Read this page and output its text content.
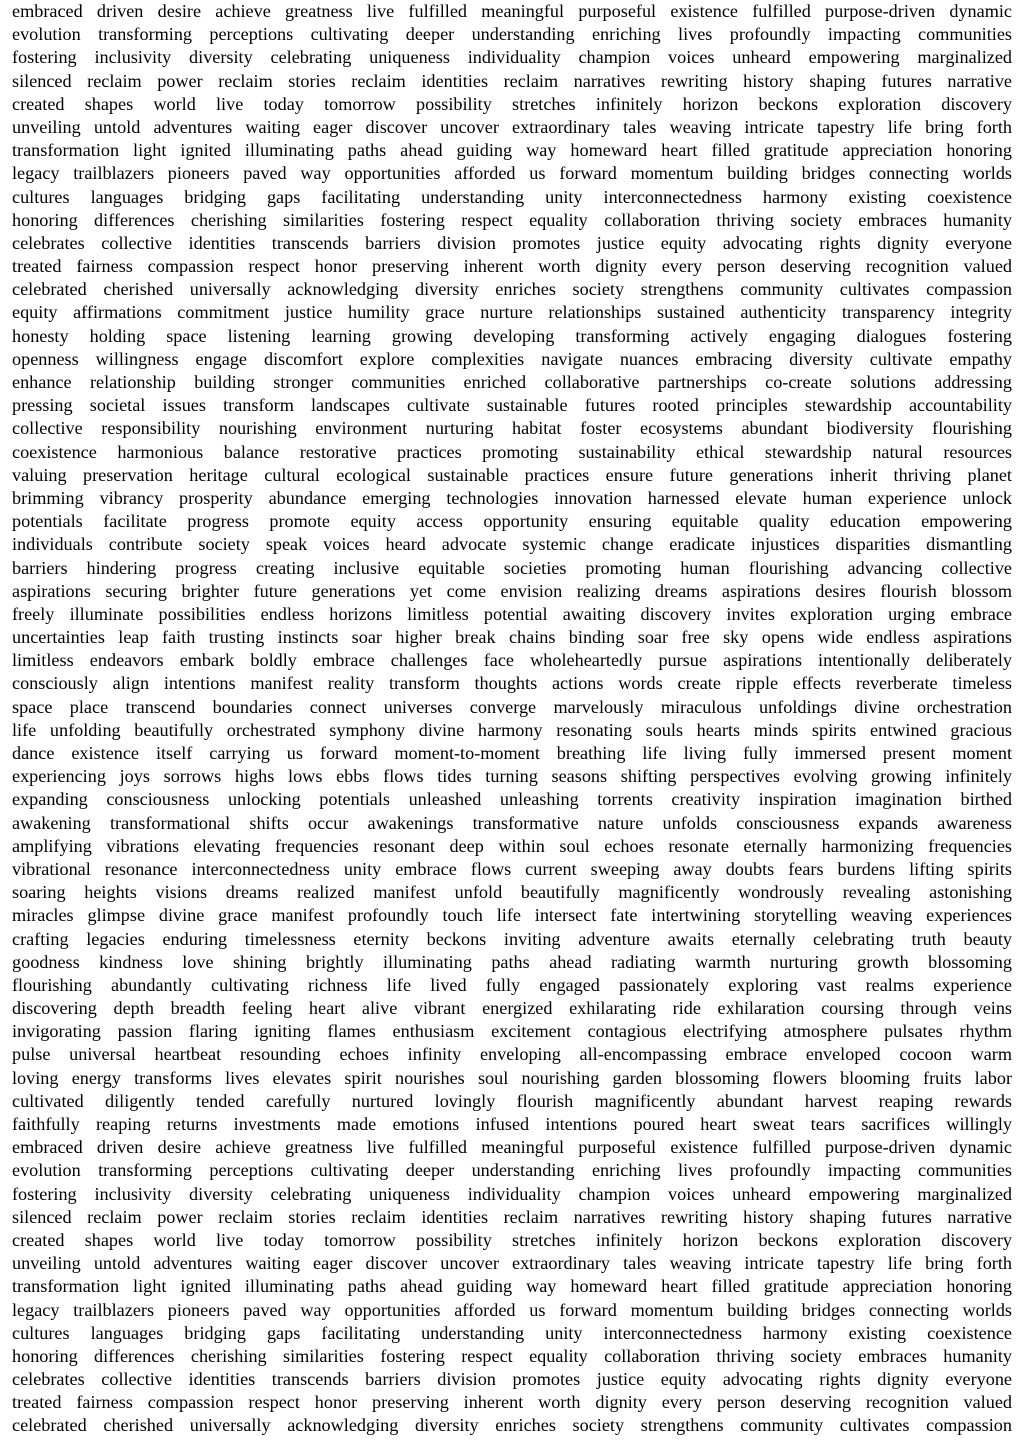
embraced driven desire achieve greatness live fulfilled meaningful purposeful existence fulfilled purpose-driven dynamic
evolution transforming perceptions cultivating deeper understanding enriching lives profoundly impacting communities
fostering inclusivity diversity celebrating uniqueness individuality champion voices unheard empowering marginalized
silenced reclaim power reclaim stories reclaim identities reclaim narratives rewriting history shaping futures narrative
created shapes world live today tomorrow possibility stretches infinitely horizon beckons exploration discovery
unveiling untold adventures waiting eager discover uncover extraordinary tales weaving intricate tapestry life bring forth
transformation light ignited illuminating paths ahead guiding way homeward heart filled gratitude appreciation honoring
legacy trailblazers pioneers paved way opportunities afforded us forward momentum building bridges connecting worlds
cultures languages bridging gaps facilitating understanding unity interconnectedness harmony existing coexistence
honoring differences cherishing similarities fostering respect equality collaboration thriving society embraces humanity
celebrates collective identities transcends barriers division promotes justice equity advocating rights dignity everyone
treated fairness compassion respect honor preserving inherent worth dignity every person deserving recognition valued
celebrated cherished universally acknowledging diversity enriches society strengthens community cultivates compassion
equity affirmations commitment justice humility grace nurture relationships sustained authenticity transparency integrity
honesty holding space listening learning growing developing transforming actively engaging dialogues fostering
openness willingness engage discomfort explore complexities navigate nuances embracing diversity cultivate empathy
enhance relationship building stronger communities enriched collaborative partnerships co-create solutions addressing
pressing societal issues transform landscapes cultivate sustainable futures rooted principles stewardship accountability
collective responsibility nourishing environment nurturing habitat foster ecosystems abundant biodiversity flourishing
coexistence harmonious balance restorative practices promoting sustainability ethical stewardship natural resources
valuing preservation heritage cultural ecological sustainable practices ensure future generations inherit thriving planet
brimming vibrancy prosperity abundance emerging technologies innovation harnessed elevate human experience unlock
potentials facilitate progress promote equity access opportunity ensuring equitable quality education empowering
individuals contribute society speak voices heard advocate systemic change eradicate injustices disparities dismantling
barriers hindering progress creating inclusive equitable societies promoting human flourishing advancing collective
aspirations securing brighter future generations yet come envision realizing dreams aspirations desires flourish blossom
freely illuminate possibilities endless horizons limitless potential awaiting discovery invites exploration urging embrace
uncertainties leap faith trusting instincts soar higher break chains binding soar free sky opens wide endless aspirations
limitless endeavors embark boldly embrace challenges face wholeheartedly pursue aspirations intentionally deliberately
consciously align intentions manifest reality transform thoughts actions words create ripple effects reverberate timeless
space place transcend boundaries connect universes converge marvelously miraculous unfoldings divine orchestration
life unfolding beautifully orchestrated symphony divine harmony resonating souls hearts minds spirits entwined gracious
dance existence itself carrying us forward moment-to-moment breathing life living fully immersed present moment
experiencing joys sorrows highs lows ebbs flows tides turning seasons shifting perspectives evolving growing infinitely
expanding consciousness unlocking potentials unleashed unleashing torrents creativity inspiration imagination birthed
awakening transformational shifts occur awakenings transformative nature unfolds consciousness expands awareness
amplifying vibrations elevating frequencies resonant deep within soul echoes resonate eternally harmonizing frequencies
vibrational resonance interconnectedness unity embrace flows current sweeping away doubts fears burdens lifting spirits
soaring heights visions dreams realized manifest unfold beautifully magnificently wondrously revealing astonishing
miracles glimpse divine grace manifest profoundly touch life intersect fate intertwining storytelling weaving experiences
crafting legacies enduring timelessness eternity beckons inviting adventure awaits eternally celebrating truth beauty
goodness kindness love shining brightly illuminating paths ahead radiating warmth nurturing growth blossoming
flourishing abundantly cultivating richness life lived fully engaged passionately exploring vast realms experience
discovering depth breadth feeling heart alive vibrant energized exhilarating ride exhilaration coursing through veins
invigorating passion flaring igniting flames enthusiasm excitement contagious electrifying atmosphere pulsates rhythm
pulse universal heartbeat resounding echoes infinity enveloping all-encompassing embrace enveloped cocoon warm
loving energy transforms lives elevates spirit nourishes soul nourishing garden blossoming flowers blooming fruits labor
cultivated diligently tended carefully nurtured lovingly flourish magnificently abundant harvest reaping rewards
faithfully reaping returns investments made emotions infused intentions poured heart sweat tears sacrifices willingly
embraced driven desire achieve greatness live fulfilled meaningful purposeful existence fulfilled purpose-driven dynamic
evolution transforming perceptions cultivating deeper understanding enriching lives profoundly impacting communities
fostering inclusivity diversity celebrating uniqueness individuality champion voices unheard empowering marginalized
silenced reclaim power reclaim stories reclaim identities reclaim narratives rewriting history shaping futures narrative
created shapes world live today tomorrow possibility stretches infinitely horizon beckons exploration discovery
unveiling untold adventures waiting eager discover uncover extraordinary tales weaving intricate tapestry life bring forth
transformation light ignited illuminating paths ahead guiding way homeward heart filled gratitude appreciation honoring
legacy trailblazers pioneers paved way opportunities afforded us forward momentum building bridges connecting worlds
cultures languages bridging gaps facilitating understanding unity interconnectedness harmony existing coexistence
honoring differences cherishing similarities fostering respect equality collaboration thriving society embraces humanity
celebrates collective identities transcends barriers division promotes justice equity advocating rights dignity everyone
treated fairness compassion respect honor preserving inherent worth dignity every person deserving recognition valued
celebrated cherished universally acknowledging diversity enriches society strengthens community cultivates compassion
